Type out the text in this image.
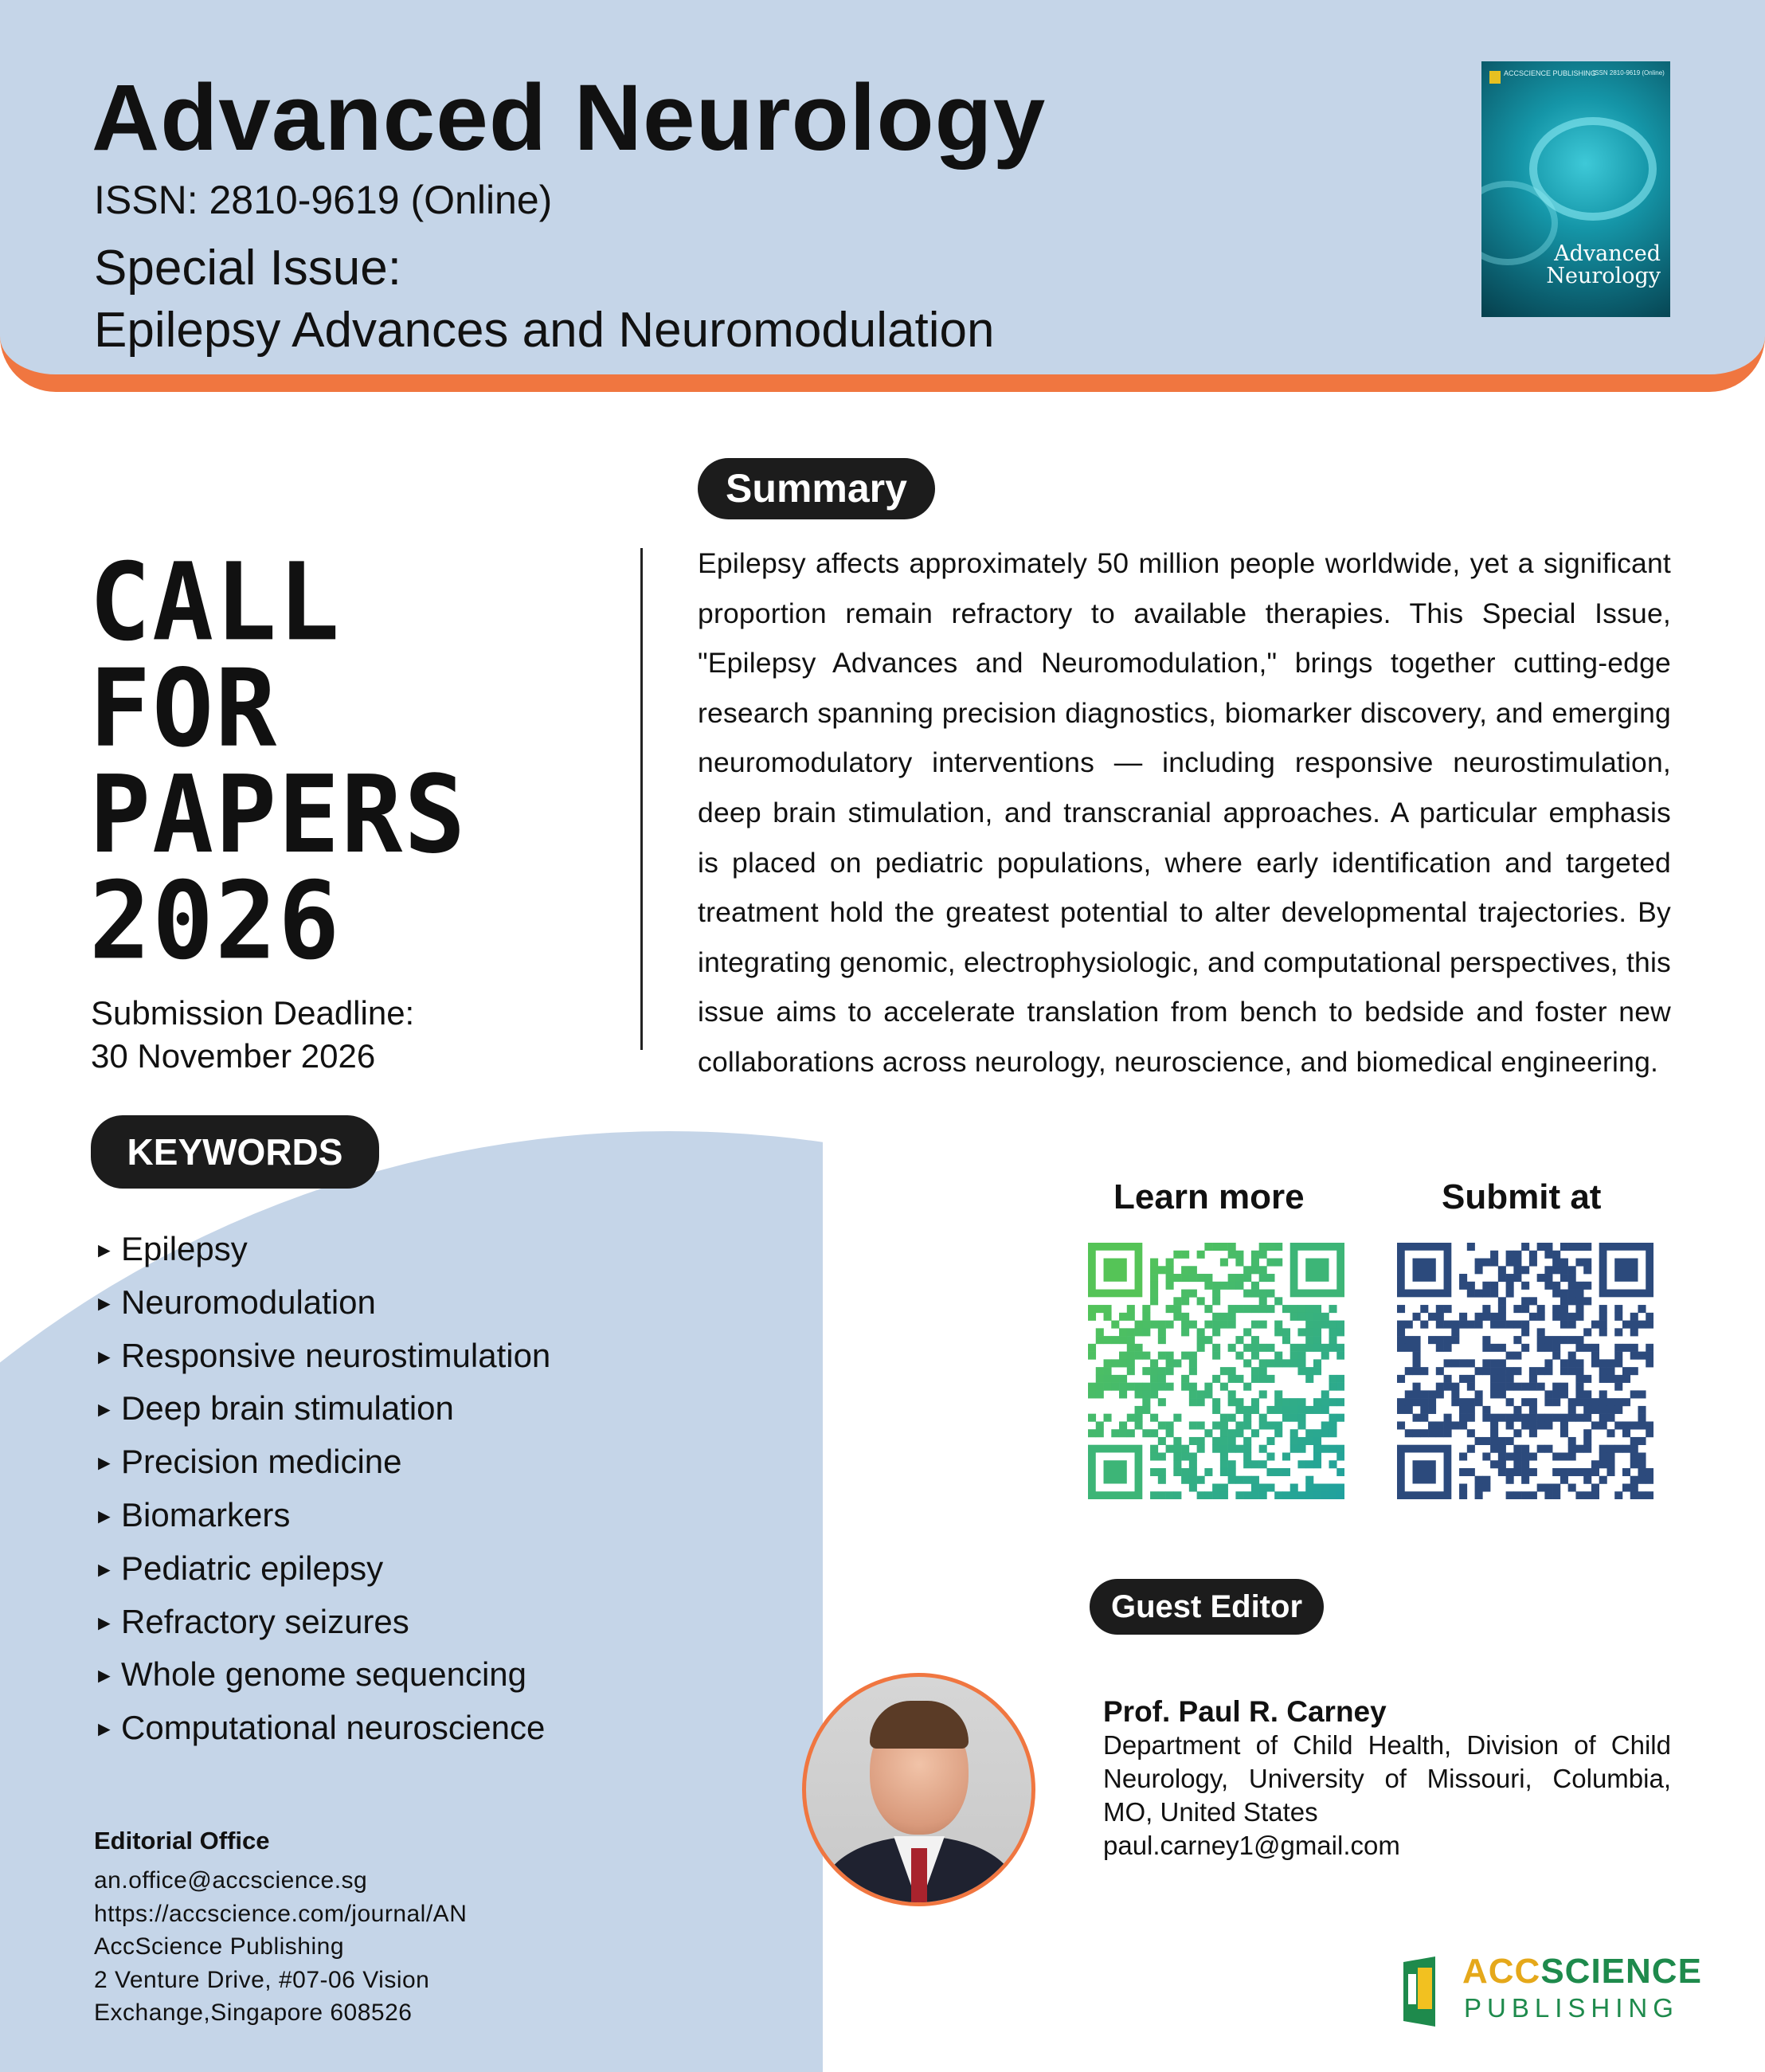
Advanced Neurology
ISSN: 2810-9619 (Online)
Special Issue:
Epilepsy Advances and Neuromodulation
ACCSCIENCE PUBLISHING
ISSN 2810-9619 (Online)
Advanced
Neurology
CALL
FOR
PAPERS
2026
Submission Deadline:
30 November 2026
KEYWORDS
► Epilepsy
► Neuromodulation
► Responsive neurostimulation
► Deep brain stimulation
► Precision medicine
► Biomarkers
► Pediatric epilepsy
► Refractory seizures
► Whole genome sequencing
► Computational neuroscience
Summary
Epilepsy affects approximately 50 million people worldwide, yet a significant proportion remain refractory to available therapies. This Special Issue, "Epilepsy Advances and Neuromodulation," brings together cutting-edge research spanning precision diagnostics, biomarker discovery, and emerging neuromodulatory interventions — including responsive neurostimulation, deep brain stimulation, and transcranial approaches. A particular emphasis is placed on pediatric populations, where early identification and targeted treatment hold the greatest potential to alter developmental trajectories. By integrating genomic, electrophysiologic, and computational perspectives, this issue aims to accelerate translation from bench to bedside and foster new collaborations across neurology, neuroscience, and biomedical engineering.
Learn more	Submit at
Guest Editor
Prof. Paul R. Carney
Department of Child Health, Division of Child Neurology, University of Missouri, Columbia, MO, United States
paul.carney1@gmail.com
Editorial Office
an.office@accscience.sg
https://accscience.com/journal/AN
AccScience Publishing
2 Venture Drive, #07-06 Vision
Exchange,Singapore 608526
ACCSCIENCE
PUBLISHING
